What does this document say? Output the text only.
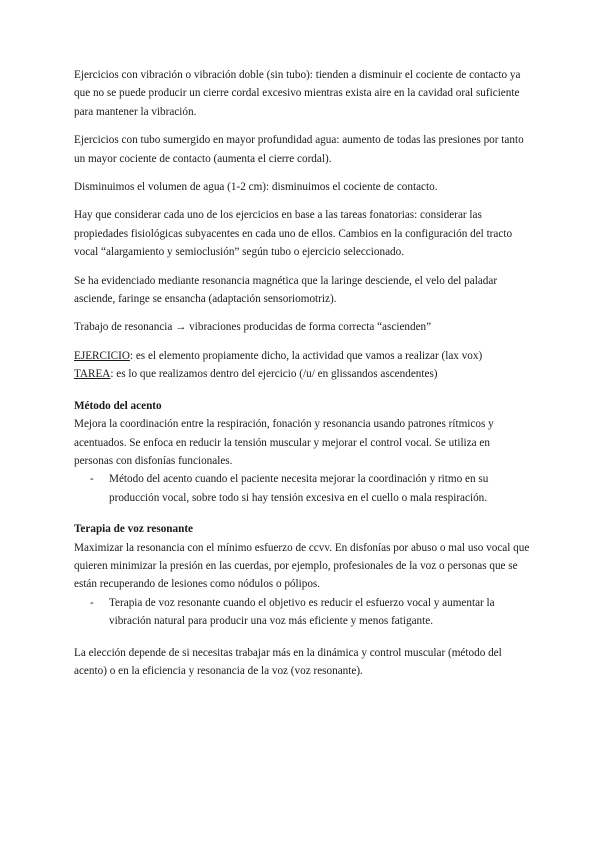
Ejercicios con vibración o vibración doble (sin tubo): tienden a disminuir el cociente de contacto ya que no se puede producir un cierre cordal excesivo mientras exista aire en la cavidad oral suficiente para mantener la vibración.

Ejercicios con tubo sumergido en mayor profundidad agua: aumento de todas las presiones por tanto un mayor cociente de contacto (aumenta el cierre cordal).

Disminuimos el volumen de agua (1-2 cm): disminuimos el cociente de contacto.

Hay que considerar cada uno de los ejercicios en base a las tareas fonatorias: considerar las propiedades fisiológicas subyacentes en cada uno de ellos. Cambios en la configuración del tracto vocal “alargamiento y semioclusión” según tubo o ejercicio seleccionado.

Se ha evidenciado mediante resonancia magnética que la laringe desciende, el velo del paladar asciende, faringe se ensancha (adaptación sensoriomotriz).

Trabajo de resonancia → vibraciones producidas de forma correcta “ascienden”

EJERCICIO: es el elemento propiamente dicho, la actividad que vamos a realizar (lax vox)

TAREA: es lo que realizamos dentro del ejercicio (/u/ en glissandos ascendentes)

Método del acento

Mejora la coordinación entre la respiración, fonación y resonancia usando patrones rítmicos y acentuados. Se enfoca en reducir la tensión muscular y mejorar el control vocal. Se utiliza en personas con disfonías funcionales.

-	Método del acento cuando el paciente necesita mejorar la coordinación y ritmo en su producción vocal, sobre todo si hay tensión excesiva en el cuello o mala respiración.

Terapia de voz resonante

Maximizar la resonancia con el mínimo esfuerzo de ccvv. En disfonías por abuso o mal uso vocal que quieren minimizar la presión en las cuerdas, por ejemplo, profesionales de la voz o personas que se están recuperando de lesiones como nódulos o pólipos.

-	Terapia de voz resonante cuando el objetivo es reducir el esfuerzo vocal y aumentar la vibración natural para producir una voz más eficiente y menos fatigante.

La elección depende de si necesitas trabajar más en la dinámica y control muscular (método del acento) o en la eficiencia y resonancia de la voz (voz resonante).
